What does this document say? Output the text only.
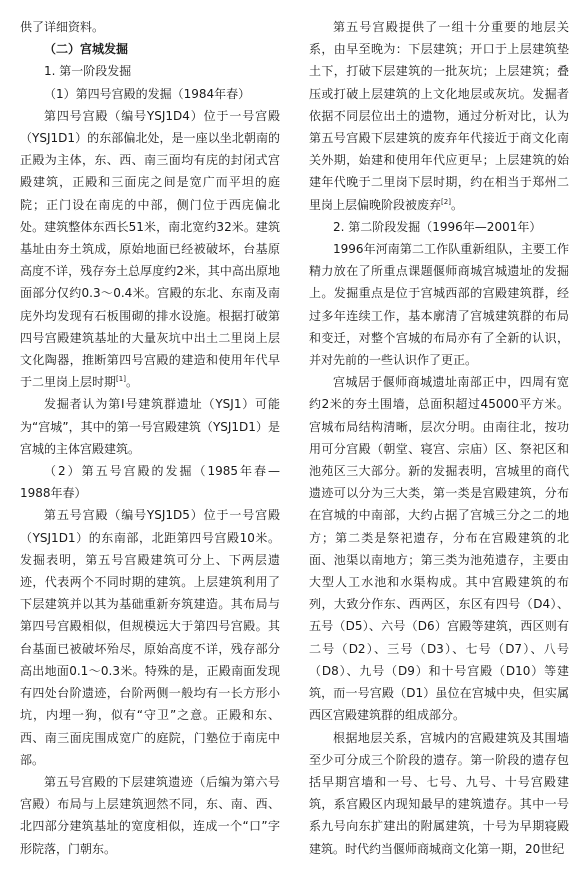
供了详细资料。

（二）宫城发掘

1. 第一阶段发掘

（1）第四号宫殿的发掘（1984年春）

第四号宫殿（编号YSJ1D4）位于一号宫殿（YSJ1D1）的东部偏北处，是一座以坐北朝南的正殿为主体，东、西、南三面均有庑的封闭式宫殿建筑，正殿和三面庑之间是宽广而平坦的庭院；正门设在南庑的中部，侧门位于西庑偏北处。建筑整体东西长51米，南北宽约32米。建筑基址由夯土筑成，原始地面已经被破坏，台基原高度不详，残存夯土总厚度约2米，其中高出原地面部分仅约0.3～0.4米。宫殿的东北、东南及南庑外均发现有石板围砌的排水设施。根据打破第四号宫殿建筑基址的大量灰坑中出土二里岗上层文化陶器，推断第四号宫殿的建造和使用年代早于二里岗上层时期[1]。

发掘者认为第Ⅰ号建筑群遗址（YSJ1）可能为“宫城”，其中的第一号宫殿建筑（YSJ1D1）是宫城的主体宫殿建筑。

（2）第五号宫殿的发掘（1985年春—1988年春）

第五号宫殿（编号YSJ1D5）位于一号宫殿（YSJ1D1）的东南部，北距第四号宫殿10米。发掘表明，第五号宫殿建筑可分上、下两层遗迹，代表两个不同时期的建筑。上层建筑利用了下层建筑并以其为基础重新夯筑建造。其布局与第四号宫殿相似，但规模远大于第四号宫殿。其台基面已被破坏殆尽，原始高度不详，残存部分高出地面0.1～0.3米。特殊的是，正殿南面发现有四处台阶遗迹，台阶两侧一般均有一长方形小坑，内埋一狗，似有“守卫”之意。正殿和东、西、南三面庑围成宽广的庭院，门塾位于南庑中部。

第五号宫殿的下层建筑遗迹（后编为第六号宫殿）布局与上层建筑迥然不同，东、南、西、北四部分建筑基址的宽度相似，连成一个“口”字形院落，门朝东。

第五号宫殿提供了一组十分重要的地层关系，由早至晚为：下层建筑；开口于上层建筑垫土下，打破下层建筑的一批灰坑；上层建筑；叠压或打破上层建筑的上文化地层或灰坑。发掘者依据不同层位出土的遗物，通过分析对比，认为第五号宫殿下层建筑的废弃年代接近于商文化南关外期，始建和使用年代应更早；上层建筑的始建年代晚于二里岗下层时期，约在相当于郑州二里岗上层偏晚阶段被废弃[2]。

2. 第二阶段发掘（1996年—2001年）

1996年河南第二工作队重新组队，主要工作精力放在了所重点课题偃师商城宫城遗址的发掘上。发掘重点是位于宫城西部的宫殿建筑群，经过多年连续工作，基本廓清了宫城建筑群的布局和变迁，对整个宫城的布局亦有了全新的认识，并对先前的一些认识作了更正。

宫城居于偃师商城遗址南部正中，四周有宽约2米的夯土围墙，总面积超过45000平方米。宫城布局结构清晰，层次分明。由南往北，按功用可分宫殿（朝堂、寝宫、宗庙）区、祭祀区和池苑区三大部分。新的发掘表明，宫城里的商代遗迹可以分为三大类，第一类是宫殿建筑，分布在宫城的中南部，大约占据了宫城三分之二的地方；第二类是祭祀遗存，分布在宫殿建筑的北面、池渠以南地方；第三类为池苑遗存，主要由大型人工水池和水渠构成。其中宫殿建筑的布列，大致分作东、西两区，东区有四号（D4）、五号（D5）、六号（D6）宫殿等建筑，西区则有二号（D2）、三号（D3）、七号（D7）、八号（D8）、九号（D9）和十号宫殿（D10）等建筑，而一号宫殿（D1）虽位在宫城中央，但实属西区宫殿建筑群的组成部分。

根据地层关系，宫城内的宫殿建筑及其围墙至少可分成三个阶段的遗存。第一阶段的遗存包括早期宫墙和一号、七号、九号、十号宫殿建筑，系宫殿区内现知最早的建筑遗存。其中一号系九号向东扩建出的附属建筑，十号为早期寝殿建筑。时代约当偃师商城商文化第一期，20世纪
